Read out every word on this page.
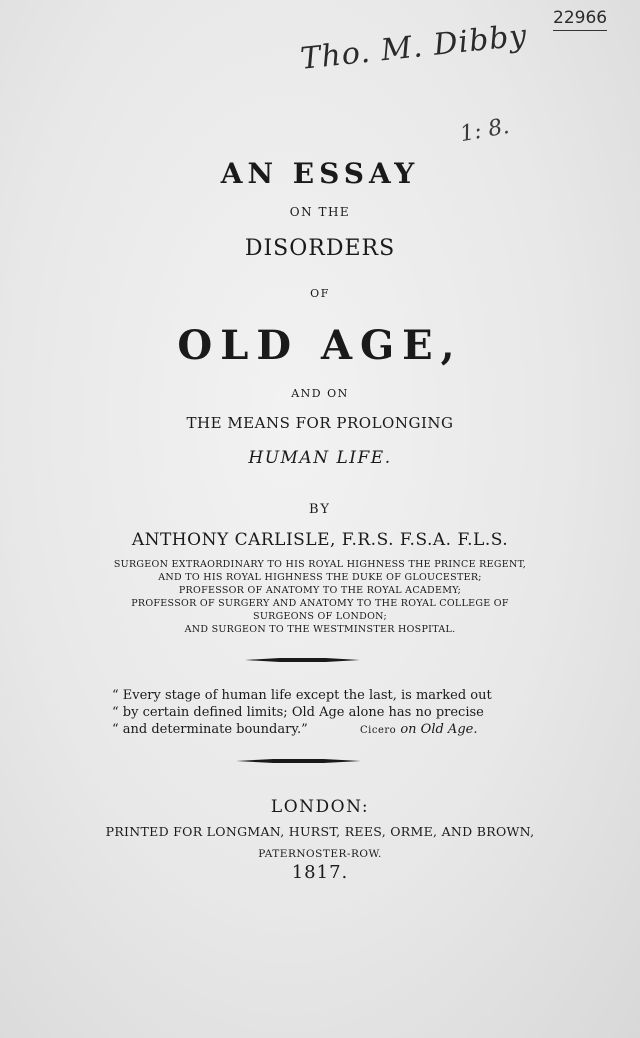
22966
Tho. M. Dibby
1: 8.
AN ESSAY
ON THE
DISORDERS
OF
OLD AGE,
AND ON
THE MEANS FOR PROLONGING
HUMAN LIFE.
BY
ANTHONY CARLISLE, F.R.S. F.S.A. F.L.S.
SURGEON EXTRAORDINARY TO HIS ROYAL HIGHNESS THE PRINCE REGENT,
AND TO HIS ROYAL HIGHNESS THE DUKE OF GLOUCESTER;
PROFESSOR OF ANATOMY TO THE ROYAL ACADEMY;
PROFESSOR OF SURGERY AND ANATOMY TO THE ROYAL COLLEGE OF
SURGEONS OF LONDON;
AND SURGEON TO THE WESTMINSTER HOSPITAL.
“ Every stage of human life except the last, is marked out
“ by certain defined limits; Old Age alone has no precise
“ and determinate boundary.”	Cicero on Old Age.
LONDON:
PRINTED FOR LONGMAN, HURST, REES, ORME, AND BROWN,
PATERNOSTER-ROW.
1817.
